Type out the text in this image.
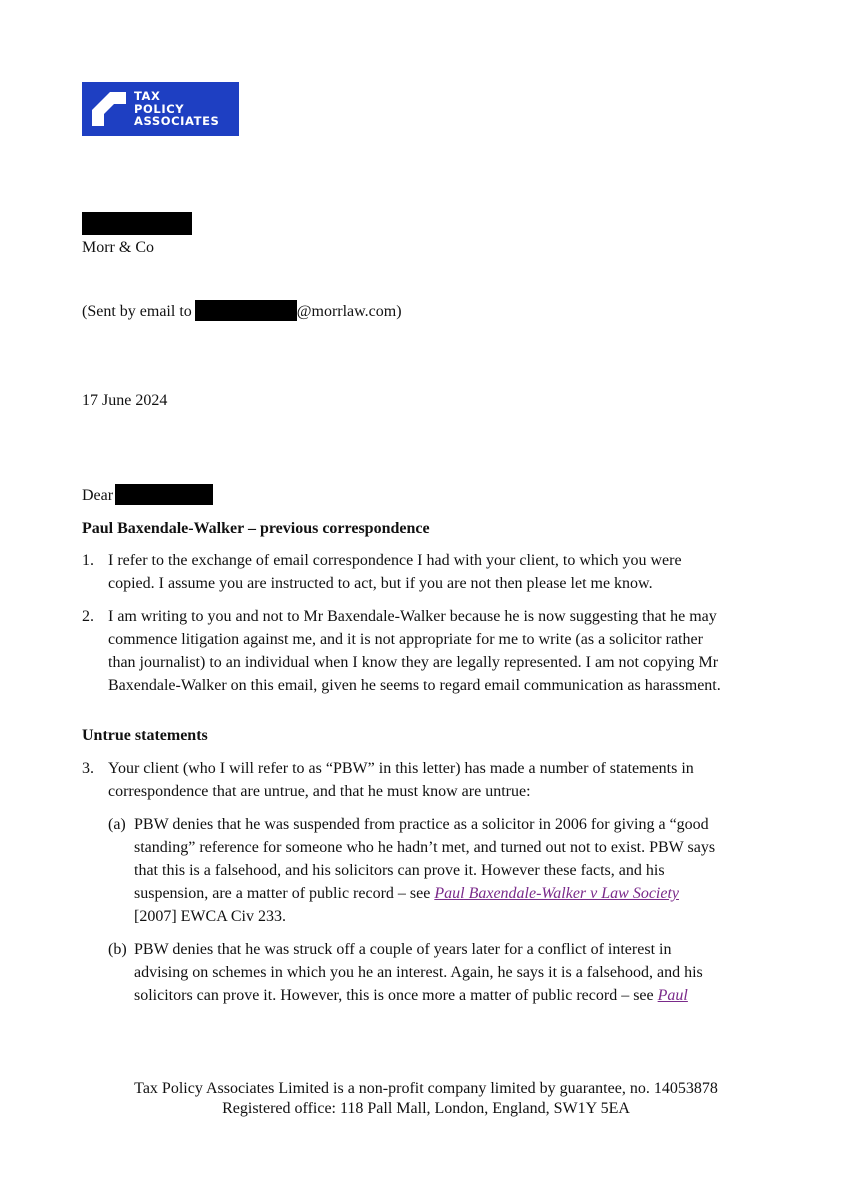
TAX
POLICY
ASSOCIATES
Morr & Co
(Sent by email to	@morrlaw.com)
17 June 2024
Dear
Paul Baxendale-Walker – previous correspondence
1. I refer to the exchange of email correspondence I had with your client, to which you were
copied. I assume you are instructed to act, but if you are not then please let me know.
2. I am writing to you and not to Mr Baxendale-Walker because he is now suggesting that he may
commence litigation against me, and it is not appropriate for me to write (as a solicitor rather
than journalist) to an individual when I know they are legally represented. I am not copying Mr
Baxendale-Walker on this email, given he seems to regard email communication as harassment.
Untrue statements
3. Your client (who I will refer to as “PBW” in this letter) has made a number of statements in
correspondence that are untrue, and that he must know are untrue:
(a) PBW denies that he was suspended from practice as a solicitor in 2006 for giving a “good
standing” reference for someone who he hadn’t met, and turned out not to exist. PBW says
that this is a falsehood, and his solicitors can prove it. However these facts, and his
suspension, are a matter of public record – see Paul Baxendale-Walker v Law Society
[2007] EWCA Civ 233.
(b) PBW denies that he was struck off a couple of years later for a conflict of interest in
advising on schemes in which you he an interest. Again, he says it is a falsehood, and his
solicitors can prove it. However, this is once more a matter of public record – see Paul
Tax Policy Associates Limited is a non-profit company limited by guarantee, no. 14053878
Registered office: 118 Pall Mall, London, England, SW1Y 5EA
